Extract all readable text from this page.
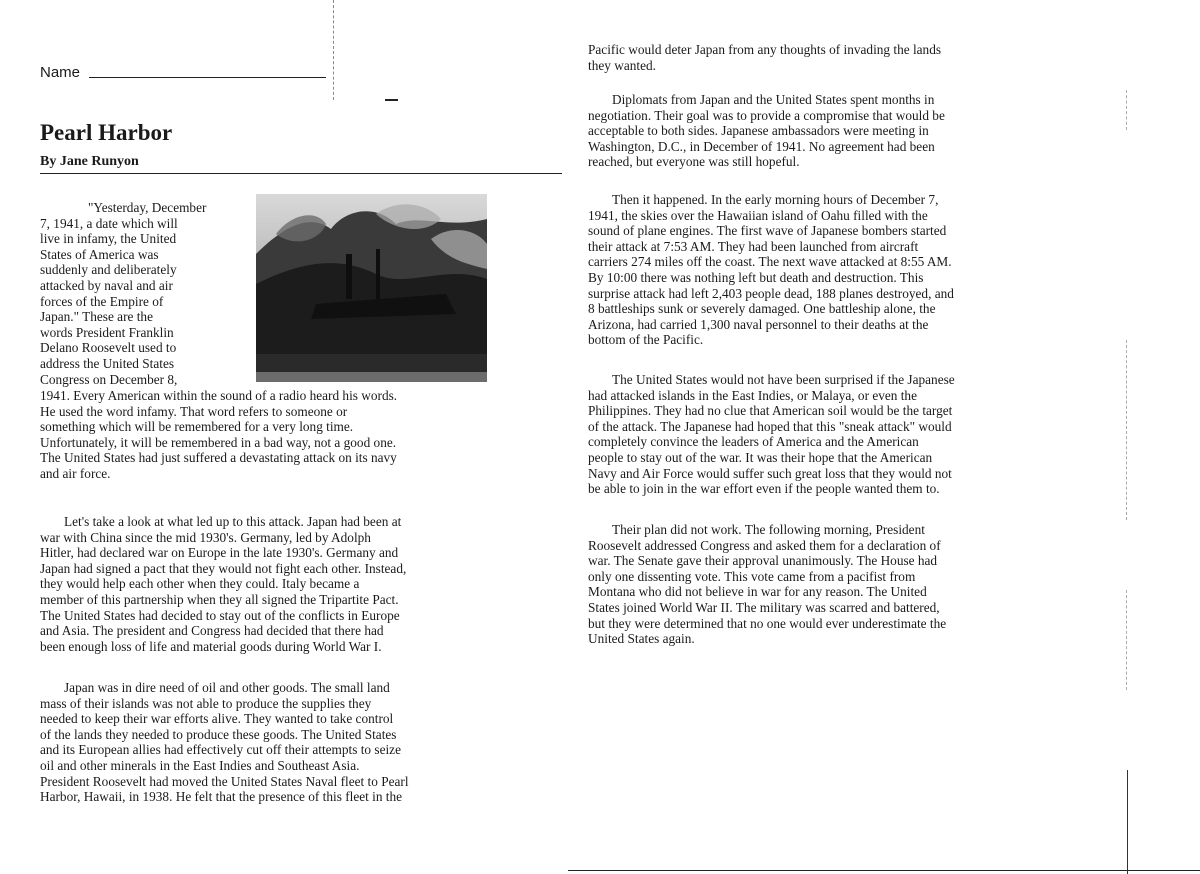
Name
Pearl Harbor
By Jane Runyon
"Yesterday, December
7, 1941, a date which will
live in infamy, the United
States of America was
suddenly and deliberately
attacked by naval and air
forces of the Empire of
Japan." These are the
words President Franklin
Delano Roosevelt used to
address the United States
Congress on December 8,
1941. Every American within the sound of a radio heard his words.
He used the word infamy. That word refers to someone or
something which will be remembered for a very long time.
Unfortunately, it will be remembered in a bad way, not a good one.
The United States had just suffered a devastating attack on its navy
and air force.
Let's take a look at what led up to this attack. Japan had been at
war with China since the mid 1930's. Germany, led by Adolph
Hitler, had declared war on Europe in the late 1930's. Germany and
Japan had signed a pact that they would not fight each other. Instead,
they would help each other when they could. Italy became a
member of this partnership when they all signed the Tripartite Pact.
The United States had decided to stay out of the conflicts in Europe
and Asia. The president and Congress had decided that there had
been enough loss of life and material goods during World War I.
Japan was in dire need of oil and other goods. The small land
mass of their islands was not able to produce the supplies they
needed to keep their war efforts alive. They wanted to take control
of the lands they needed to produce these goods. The United States
and its European allies had effectively cut off their attempts to seize
oil and other minerals in the East Indies and Southeast Asia.
President Roosevelt had moved the United States Naval fleet to Pearl
Harbor, Hawaii, in 1938. He felt that the presence of this fleet in the
Pacific would deter Japan from any thoughts of invading the lands
they wanted.
Diplomats from Japan and the United States spent months in
negotiation. Their goal was to provide a compromise that would be
acceptable to both sides. Japanese ambassadors were meeting in
Washington, D.C., in December of 1941. No agreement had been
reached, but everyone was still hopeful.
Then it happened. In the early morning hours of December 7,
1941, the skies over the Hawaiian island of Oahu filled with the
sound of plane engines. The first wave of Japanese bombers started
their attack at 7:53 AM. They had been launched from aircraft
carriers 274 miles off the coast. The next wave attacked at 8:55 AM.
By 10:00 there was nothing left but death and destruction. This
surprise attack had left 2,403 people dead, 188 planes destroyed, and
8 battleships sunk or severely damaged. One battleship alone, the
Arizona, had carried 1,300 naval personnel to their deaths at the
bottom of the Pacific.
The United States would not have been surprised if the Japanese
had attacked islands in the East Indies, or Malaya, or even the
Philippines. They had no clue that American soil would be the target
of the attack. The Japanese had hoped that this "sneak attack" would
completely convince the leaders of America and the American
people to stay out of the war. It was their hope that the American
Navy and Air Force would suffer such great loss that they would not
be able to join in the war effort even if the people wanted them to.
Their plan did not work. The following morning, President
Roosevelt addressed Congress and asked them for a declaration of
war. The Senate gave their approval unanimously. The House had
only one dissenting vote. This vote came from a pacifist from
Montana who did not believe in war for any reason. The United
States joined World War II. The military was scarred and battered,
but they were determined that no one would ever underestimate the
United States again.
